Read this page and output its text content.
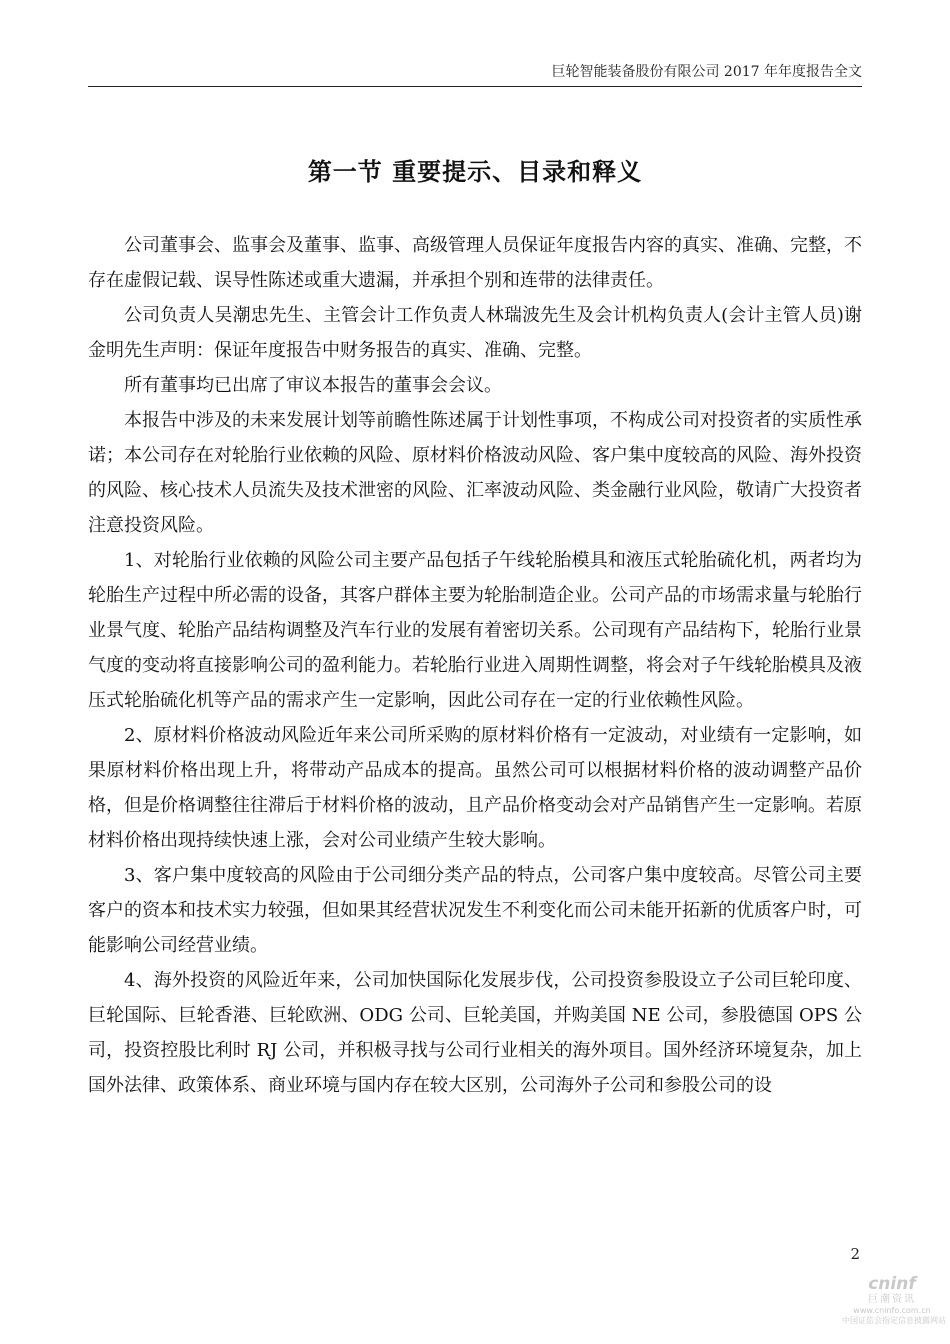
巨轮智能装备股份有限公司 2017 年年度报告全文
第一节 重要提示、目录和释义

公司董事会、监事会及董事、监事、高级管理人员保证年度报告内容的真实、准确、完整，不存在虚假记载、误导性陈述或重大遗漏，并承担个别和连带的法律责任。

公司负责人吴潮忠先生、主管会计工作负责人林瑞波先生及会计机构负责人(会计主管人员)谢金明先生声明：保证年度报告中财务报告的真实、准确、完整。

所有董事均已出席了审议本报告的董事会会议。

本报告中涉及的未来发展计划等前瞻性陈述属于计划性事项，不构成公司对投资者的实质性承诺；本公司存在对轮胎行业依赖的风险、原材料价格波动风险、客户集中度较高的风险、海外投资的风险、核心技术人员流失及技术泄密的风险、汇率波动风险、类金融行业风险，敬请广大投资者注意投资风险。

1、对轮胎行业依赖的风险公司主要产品包括子午线轮胎模具和液压式轮胎硫化机，两者均为轮胎生产过程中所必需的设备，其客户群体主要为轮胎制造企业。公司产品的市场需求量与轮胎行业景气度、轮胎产品结构调整及汽车行业的发展有着密切关系。公司现有产品结构下，轮胎行业景气度的变动将直接影响公司的盈利能力。若轮胎行业进入周期性调整，将会对子午线轮胎模具及液压式轮胎硫化机等产品的需求产生一定影响，因此公司存在一定的行业依赖性风险。

2、原材料价格波动风险近年来公司所采购的原材料价格有一定波动，对业绩有一定影响，如果原材料价格出现上升，将带动产品成本的提高。虽然公司可以根据材料价格的波动调整产品价格，但是价格调整往往滞后于材料价格的波动，且产品价格变动会对产品销售产生一定影响。若原材料价格出现持续快速上涨，会对公司业绩产生较大影响。

3、客户集中度较高的风险由于公司细分类产品的特点，公司客户集中度较高。尽管公司主要客户的资本和技术实力较强，但如果其经营状况发生不利变化而公司未能开拓新的优质客户时，可能影响公司经营业绩。

4、海外投资的风险近年来，公司加快国际化发展步伐，公司投资参股设立子公司巨轮印度、巨轮国际、巨轮香港、巨轮欧洲、ODG 公司、巨轮美国，并购美国 NE 公司，参股德国 OPS 公司，投资控股比利时 RJ 公司，并积极寻找与公司行业相关的海外项目。国外经济环境复杂，加上国外法律、政策体系、商业环境与国内存在较大区别，公司海外子公司和参股公司的设

2
cninf
巨潮资讯
www.cninfo.com.cn
中国证监会指定信息披露网站
